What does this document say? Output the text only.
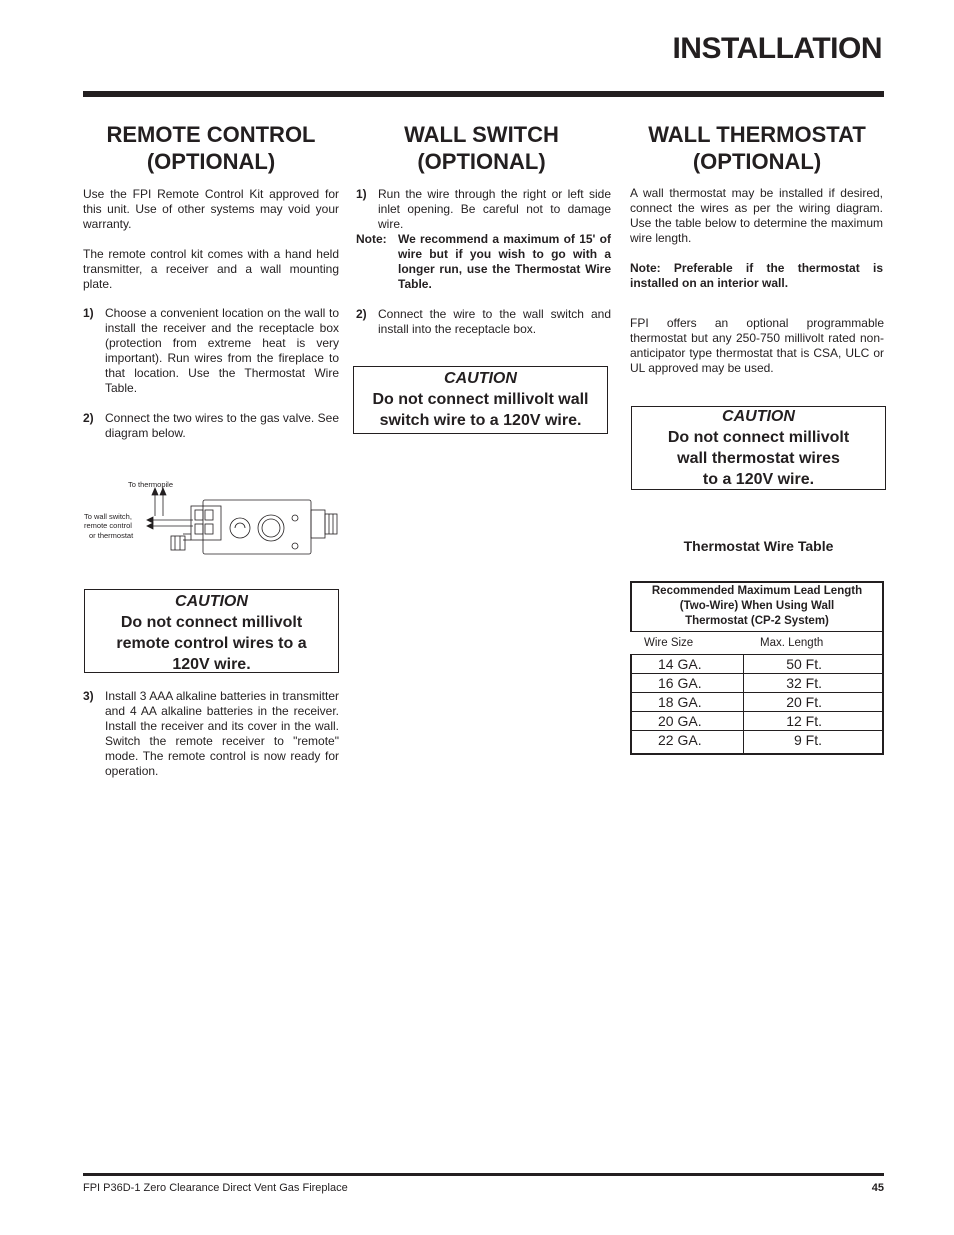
INSTALLATION
REMOTE CONTROL
(OPTIONAL)
Use the FPI Remote Control Kit approved for this unit. Use of other systems may void your warranty.
The remote control kit comes with a hand held transmitter, a receiver and a wall mounting plate.
1) Choose a convenient location on the wall to install the receiver and the receptacle box (protection from extreme heat is very important). Run wires from the fireplace to that location. Use the Thermostat Wire Table.
2) Connect the two wires to the gas valve. See diagram below.
To thermopile
To wall switch,
remote control
or thermostat
CAUTION
Do not connect millivolt
remote control wires to a
120V wire.
3) Install 3 AAA alkaline batteries in transmitter and 4 AA alkaline batteries in the receiver. Install the receiver and its cover in the wall. Switch the remote receiver to "remote" mode. The remote control is now ready for operation.
WALL SWITCH
(OPTIONAL)
1) Run the wire through the right or left side inlet opening. Be careful not to damage wire.
Note: We recommend a maximum of 15' of wire but if you wish to go with a longer run, use the Thermostat Wire Table.
2) Connect the wire to the wall switch and install into the receptacle box.
CAUTION
Do not connect millivolt wall
switch wire to a 120V wire.
WALL THERMOSTAT
(OPTIONAL)
A wall thermostat may be installed if desired, connect the wires as per the wiring diagram. Use the table below to determine the maximum wire length.
Note: Preferable if the thermostat is installed on an interior wall.
FPI offers an optional programmable thermostat but any 250-750 millivolt rated non-anticipator type thermostat that is CSA, ULC or UL approved may be used.
CAUTION
Do not connect millivolt
wall thermostat wires
to a 120V wire.
Thermostat Wire Table
Recommended Maximum Lead Length
(Two-Wire) When Using Wall
Thermostat (CP-2 System)
Wire Size	Max. Length
14 GA.	50 Ft.
16 GA.	32 Ft.
18 GA.	20 Ft.
20 GA.	12 Ft.
22 GA.	9 Ft.
FPI P36D-1 Zero Clearance Direct Vent Gas Fireplace	45
